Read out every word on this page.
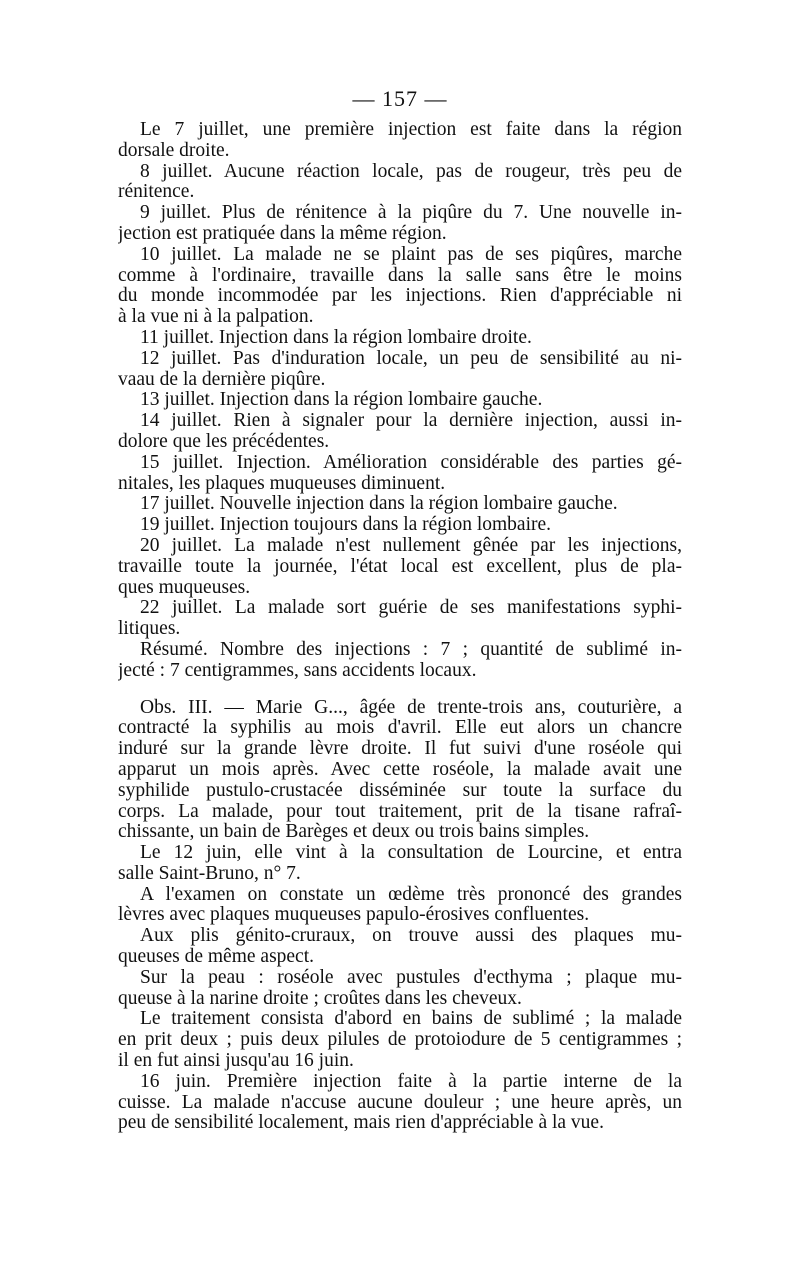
— 157 —
Le 7 juillet, une première injection est faite dans la région
dorsale droite.
8 juillet. Aucune réaction locale, pas de rougeur, très peu de
rénitence.
9 juillet. Plus de rénitence à la piqûre du 7. Une nouvelle in-
jection est pratiquée dans la même région.
10 juillet. La malade ne se plaint pas de ses piqûres, marche
comme à l'ordinaire, travaille dans la salle sans être le moins
du monde incommodée par les injections. Rien d'appréciable ni
à la vue ni à la palpation.
11 juillet. Injection dans la région lombaire droite.
12 juillet. Pas d'induration locale, un peu de sensibilité au ni-
vaau de la dernière piqûre.
13 juillet. Injection dans la région lombaire gauche.
14 juillet. Rien à signaler pour la dernière injection, aussi in-
dolore que les précédentes.
15 juillet. Injection. Amélioration considérable des parties gé-
nitales, les plaques muqueuses diminuent.
17 juillet. Nouvelle injection dans la région lombaire gauche.
19 juillet. Injection toujours dans la région lombaire.
20 juillet. La malade n'est nullement gênée par les injections,
travaille toute la journée, l'état local est excellent, plus de pla-
ques muqueuses.
22 juillet. La malade sort guérie de ses manifestations syphi-
litiques.
Résumé. Nombre des injections : 7 ; quantité de sublimé in-
jecté : 7 centigrammes, sans accidents locaux.
Obs. III. — Marie G..., âgée de trente-trois ans, couturière, a
contracté la syphilis au mois d'avril. Elle eut alors un chancre
induré sur la grande lèvre droite. Il fut suivi d'une roséole qui
apparut un mois après. Avec cette roséole, la malade avait une
syphilide pustulo-crustacée disséminée sur toute la surface du
corps. La malade, pour tout traitement, prit de la tisane rafraî-
chissante, un bain de Barèges et deux ou trois bains simples.
Le 12 juin, elle vint à la consultation de Lourcine, et entra
salle Saint-Bruno, n° 7.
A l'examen on constate un œdème très prononcé des grandes
lèvres avec plaques muqueuses papulo-érosives confluentes.
Aux plis génito-cruraux, on trouve aussi des plaques mu-
queuses de même aspect.
Sur la peau : roséole avec pustules d'ecthyma ; plaque mu-
queuse à la narine droite ; croûtes dans les cheveux.
Le traitement consista d'abord en bains de sublimé ; la malade
en prit deux ; puis deux pilules de protoiodure de 5 centigrammes ;
il en fut ainsi jusqu'au 16 juin.
16 juin. Première injection faite à la partie interne de la
cuisse. La malade n'accuse aucune douleur ; une heure après, un
peu de sensibilité localement, mais rien d'appréciable à la vue.
